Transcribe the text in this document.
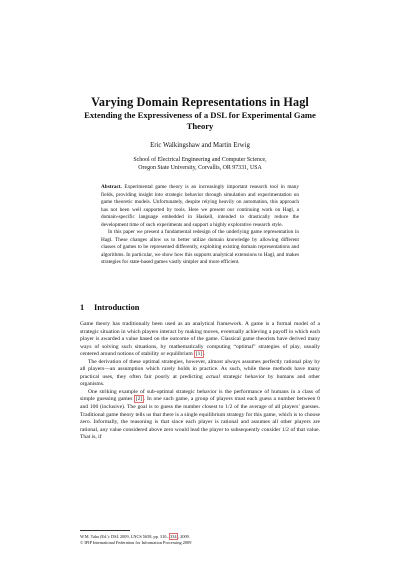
Varying Domain Representations in Hagl
Extending the Expressiveness of a DSL for Experimental Game Theory
Eric Walkingshaw and Martin Erwig
School of Electrical Engineering and Computer Science,
Oregon State University, Corvallis, OR 97331, USA

Abstract. Experimental game theory is an increasingly important research tool in many fields, providing insight into strategic behavior through simulation and experimentation on game theoretic models. Unfortunately, despite relying heavily on automation, this approach has not been well supported by tools. Here we present our continuing work on Hagl, a domain-specific language embedded in Haskell, intended to drastically reduce the development time of such experiments and support a highly explorative research style.

In this paper we present a fundamental redesign of the underlying game representation in Hagl. These changes allow us to better utilize domain knowledge by allowing different classes of games to be represented differently, exploiting existing domain representations and algorithms. In particular, we show how this supports analytical extensions to Hagl, and makes strategies for state-based games vastly simpler and more efficient.

1 Introduction

Game theory has traditionally been used as an analytical framework. A game is a formal model of a strategic situation in which players interact by making moves, eventually achieving a payoff in which each player is awarded a value based on the outcome of the game. Classical game theorists have derived many ways of solving such situations, by mathematically computing “optimal” strategies of play, usually centered around notions of stability or equilibrium [1] .

The derivation of these optimal strategies, however, almost always assumes perfectly rational play by all players—an assumption which rarely holds in practice. As such, while these methods have many practical uses, they often fair poorly at predicting actual strategic behavior by humans and other organisms.

One striking example of sub-optimal strategic behavior is the performance of humans in a class of simple guessing games [2] . In one such game, a group of players must each guess a number between 0 and 100 (inclusive). The goal is to guess the number closest to 1/2 of the average of all players’ guesses. Traditional game theory tells us that there is a single equilibrium strategy for this game, which is to choose zero. Informally, the reasoning is that since each player is rational and assumes all other players are rational, any value considered above zero would lead the player to subsequently consider 1/2 of that value. That is, if

W.M. Taha (Ed.): DSL 2009, LNCS 5658, pp. 310– 334 , 2009.
© IFIP International Federation for Information Processing 2009
